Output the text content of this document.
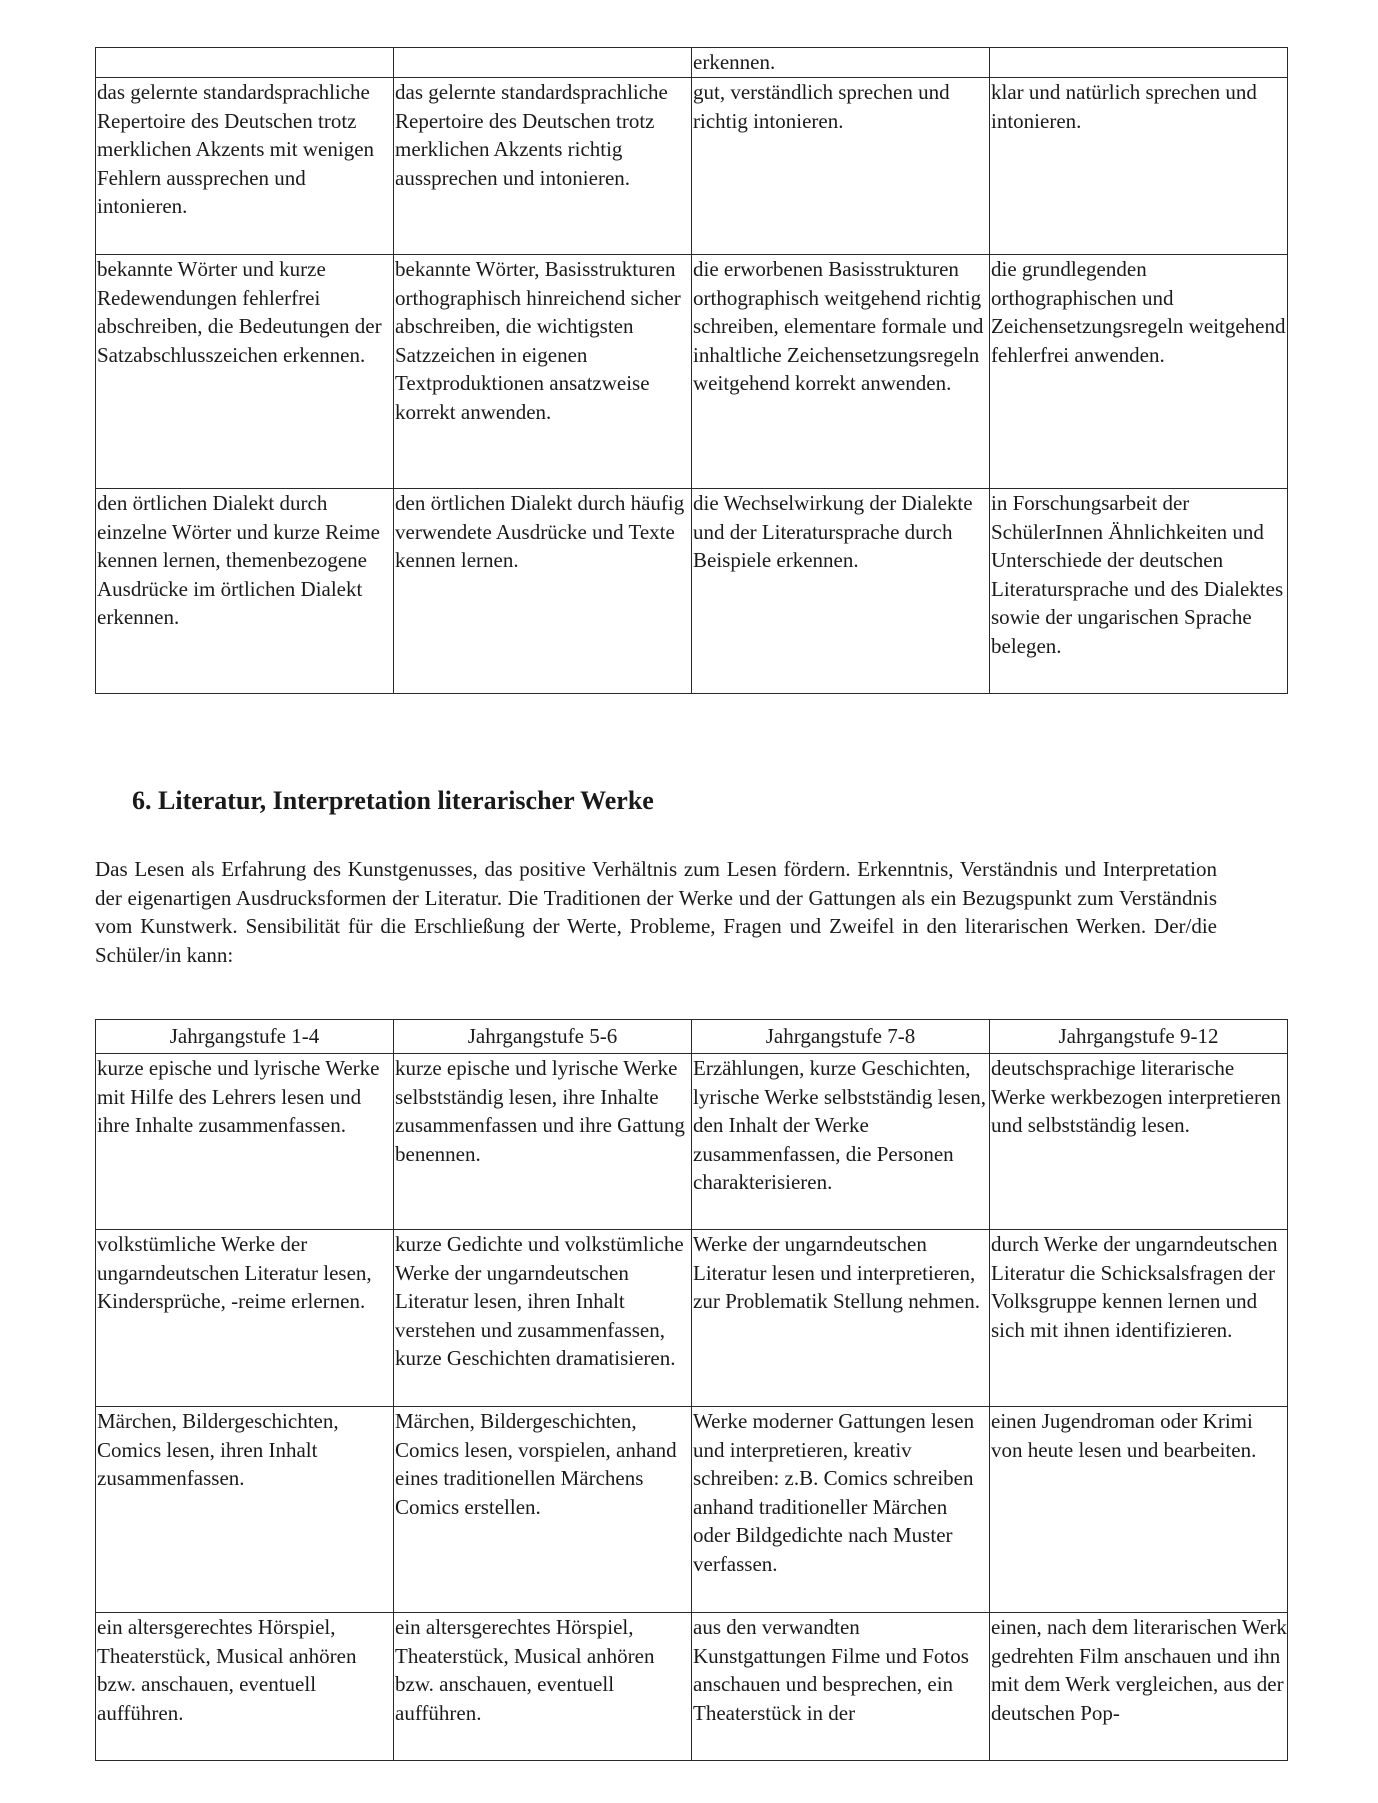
		erkennen.	
das gelernte standardsprachliche Repertoire des Deutschen trotz merklichen Akzents mit wenigen Fehlern aussprechen und intonieren.	das gelernte standardsprachliche Repertoire des Deutschen trotz merklichen Akzents richtig aussprechen und intonieren.	gut, verständlich sprechen und richtig intonieren.	klar und natürlich sprechen und intonieren.
bekannte Wörter und kurze Redewendungen fehlerfrei abschreiben, die Bedeutungen der Satzabschlusszeichen erkennen.	bekannte Wörter, Basisstrukturen orthographisch hinreichend sicher abschreiben, die wichtigsten Satzzeichen in eigenen Textproduktionen ansatzweise korrekt anwenden.	die erworbenen Basisstrukturen orthographisch weitgehend richtig schreiben, elementare formale und inhaltliche Zeichensetzungsregeln weitgehend korrekt anwenden.	die grundlegenden orthographischen und Zeichensetzungsregeln weitgehend fehlerfrei anwenden.
den örtlichen Dialekt durch einzelne Wörter und kurze Reime kennen lernen, themenbezogene Ausdrücke im örtlichen Dialekt erkennen.	den örtlichen Dialekt durch häufig verwendete Ausdrücke und Texte kennen lernen.	die Wechselwirkung der Dialekte und der Literatursprache durch Beispiele erkennen.	in Forschungsarbeit der SchülerInnen Ähnlichkeiten und Unterschiede der deutschen Literatursprache und des Dialektes sowie der ungarischen Sprache belegen.
6. Literatur, Interpretation literarischer Werke

Das Lesen als Erfahrung des Kunstgenusses, das positive Verhältnis zum Lesen fördern. Erkenntnis, Verständnis und Interpretation der eigenartigen Ausdrucksformen der Literatur. Die Traditionen der Werke und der Gattungen als ein Bezugspunkt zum Verständnis vom Kunstwerk. Sensibilität für die Erschließung der Werte, Probleme, Fragen und Zweifel in den literarischen Werken. Der/die Schüler/in kann:

Jahrgangstufe 1-4	Jahrgangstufe 5-6	Jahrgangstufe 7-8	Jahrgangstufe 9-12
kurze epische und lyrische Werke mit Hilfe des Lehrers lesen und ihre Inhalte zusammenfassen.	kurze epische und lyrische Werke selbstständig lesen, ihre Inhalte zusammenfassen und ihre Gattung benennen.	Erzählungen, kurze Geschichten, lyrische Werke selbstständig lesen, den Inhalt der Werke zusammenfassen, die Personen charakterisieren.	deutschsprachige literarische Werke werkbezogen interpretieren und selbstständig lesen.
volkstümliche Werke der ungarndeutschen Literatur lesen, Kindersprüche, -reime erlernen.	kurze Gedichte und volkstümliche Werke der ungarndeutschen Literatur lesen, ihren Inhalt verstehen und zusammenfassen, kurze Geschichten dramatisieren.	Werke der ungarndeutschen Literatur lesen und interpretieren, zur Problematik Stellung nehmen.	durch Werke der ungarndeutschen Literatur die Schicksalsfragen der Volksgruppe kennen lernen und sich mit ihnen identifizieren.
Märchen, Bildergeschichten, Comics lesen, ihren Inhalt zusammenfassen.	Märchen, Bildergeschichten, Comics lesen, vorspielen, anhand eines traditionellen Märchens Comics erstellen.	Werke moderner Gattungen lesen und interpretieren, kreativ schreiben: z.B. Comics schreiben anhand traditioneller Märchen oder Bildgedichte nach Muster verfassen.	einen Jugendroman oder Krimi von heute lesen und bearbeiten.
ein altersgerechtes Hörspiel, Theaterstück, Musical anhören bzw. anschauen, eventuell aufführen.	ein altersgerechtes Hörspiel, Theaterstück, Musical anhören bzw. anschauen, eventuell aufführen.	aus den verwandten Kunstgattungen Filme und Fotos anschauen und besprechen, ein Theaterstück in der	einen, nach dem literarischen Werk gedrehten Film anschauen und ihn mit dem Werk vergleichen, aus der deutschen Pop-
